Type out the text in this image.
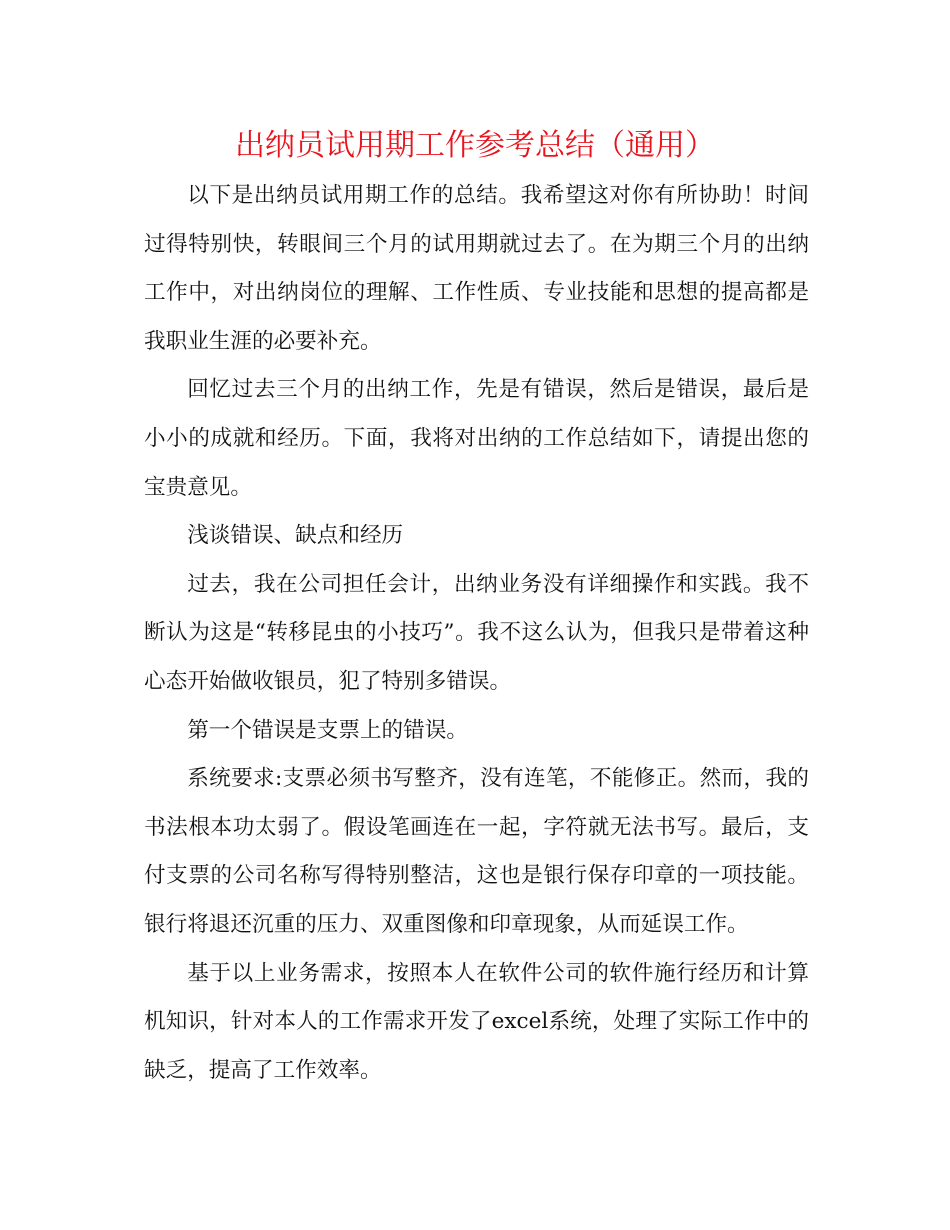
出纳员试用期工作参考总结（通用）

以下是出纳员试用期工作的总结。我希望这对你有所协助！时间过得特别快，转眼间三个月的试用期就过去了。在为期三个月的出纳工作中，对出纳岗位的理解、工作性质、专业技能和思想的提高都是我职业生涯的必要补充。

回忆过去三个月的出纳工作，先是有错误，然后是错误，最后是小小的成就和经历。下面，我将对出纳的工作总结如下，请提出您的宝贵意见。

浅谈错误、缺点和经历

过去，我在公司担任会计，出纳业务没有详细操作和实践。我不断认为这是“转移昆虫的小技巧”。我不这么认为，但我只是带着这种心态开始做收银员，犯了特别多错误。

第一个错误是支票上的错误。

系统要求:支票必须书写整齐，没有连笔，不能修正。然而，我的书法根本功太弱了。假设笔画连在一起，字符就无法书写。最后，支付支票的公司名称写得特别整洁，这也是银行保存印章的一项技能。银行将退还沉重的压力、双重图像和印章现象，从而延误工作。

基于以上业务需求，按照本人在软件公司的软件施行经历和计算机知识，针对本人的工作需求开发了excel系统，处理了实际工作中的缺乏，提高了工作效率。
